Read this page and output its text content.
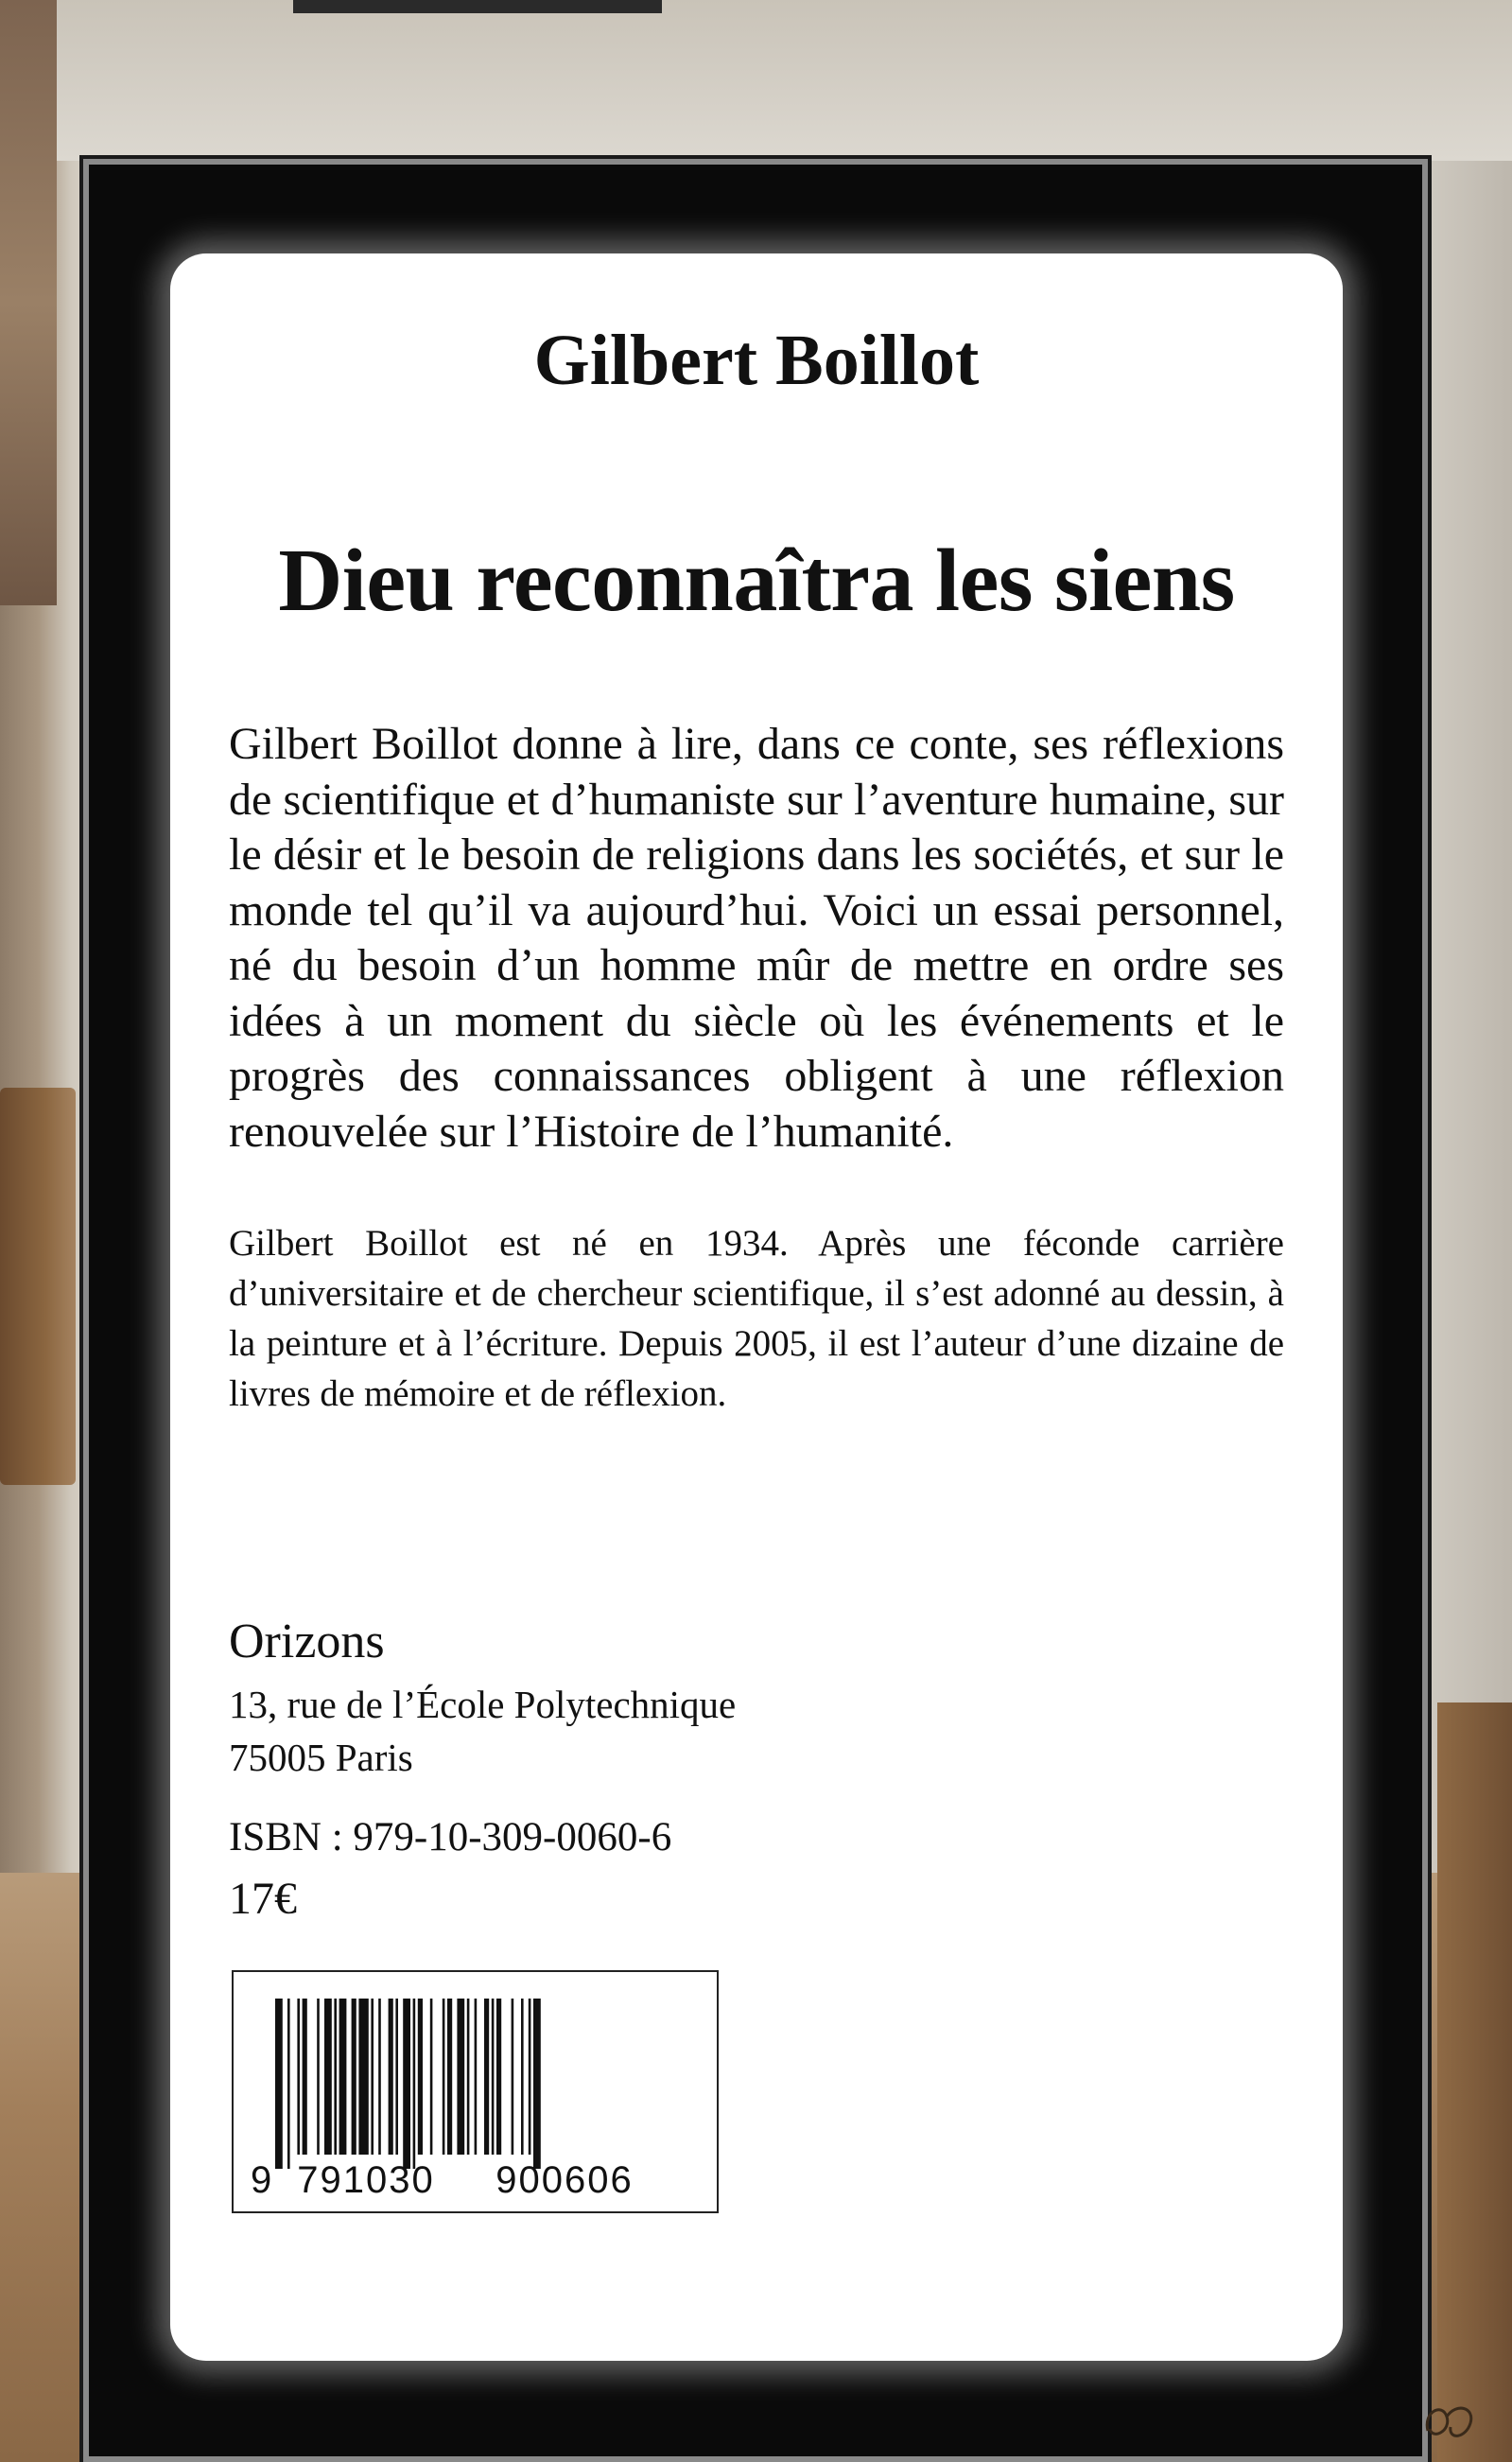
Gilbert Boillot
Dieu reconnaîtra les siens

Gilbert Boillot donne à lire, dans ce conte, ses réflexions de scientifique et d’humaniste sur l’aventure humaine, sur le désir et le besoin de religions dans les sociétés, et sur le monde tel qu’il va aujourd’hui. Voici un essai personnel, né du besoin d’un homme mûr de mettre en ordre ses idées à un moment du siècle où les événements et le progrès des connaissances obligent à une réflexion renouvelée sur l’Histoire de l’humanité.

Gilbert Boillot est né en 1934. Après une féconde carrière d’universitaire et de chercheur scientifique, il s’est adonné au dessin, à la peinture et à l’écriture. Depuis 2005, il est l’auteur d’une dizaine de livres de mémoire et de réflexion.

Orizons

13, rue de l’École Polytechnique

75005 Paris

ISBN : 979-10-309-0060-6

17€

9 791030 900606
